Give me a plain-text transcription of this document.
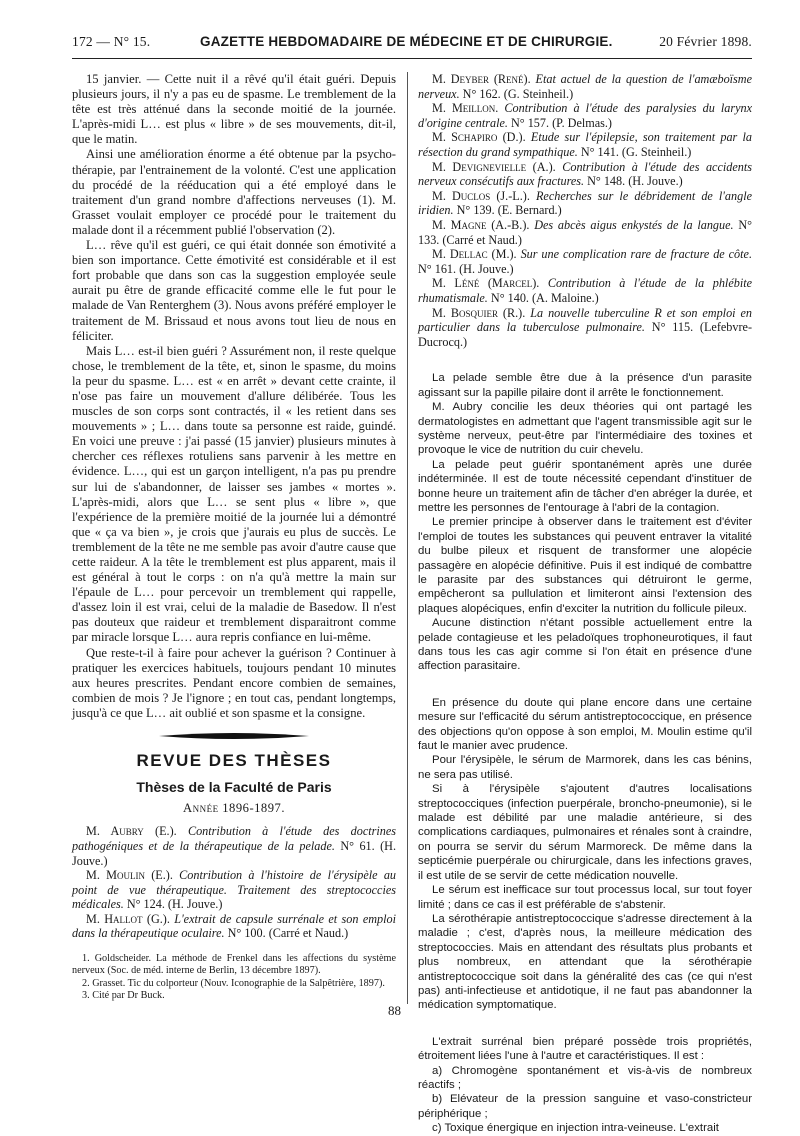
172 — N° 15.	GAZETTE HEBDOMADAIRE DE MÉDECINE ET DE CHIRURGIE.	20 Février 1898.

15 janvier. — Cette nuit il a rêvé qu'il était guéri. Depuis plusieurs jours, il n'y a pas eu de spasme. Le tremblement de la tête est très atténué dans la seconde moitié de la journée. L'après-midi L… est plus « libre » de ses mouvements, dit-il, que le matin.

Ainsi une amélioration énorme a été obtenue par la psycho-thérapie, par l'entrainement de la volonté. C'est une application du procédé de la rééducation qui a été employé dans le traitement d'un grand nombre d'affections nerveuses (1). M. Grasset voulait employer ce procédé pour le traitement du malade dont il a récemment publié l'observation (2).

L… rêve qu'il est guéri, ce qui était donnée son émotivité a bien son importance. Cette émotivité est considérable et il est fort probable que dans son cas la suggestion employée seule aurait pu être de grande efficacité comme elle le fut pour le malade de Van Renterghem (3). Nous avons préféré employer le traitement de M. Brissaud et nous avons tout lieu de nous en féliciter.

Mais L… est-il bien guéri ? Assurément non, il reste quelque chose, le tremblement de la tête, et, sinon le spasme, du moins la peur du spasme. L… est « en arrêt » devant cette crainte, il n'ose pas faire un mouvement d'allure délibérée. Tous les muscles de son corps sont contractés, il « les retient dans ses mouvements » ; L… dans toute sa personne est raide, guindé. En voici une preuve : j'ai passé (15 janvier) plusieurs minutes à chercher ces réflexes rotuliens sans parvenir à les mettre en évidence. L…, qui est un garçon intelligent, n'a pas pu prendre sur lui de s'abandonner, de laisser ses jambes « mortes ». L'après-midi, alors que L… se sent plus « libre », que l'expérience de la première moitié de la journée lui a démontré que « ça va bien », je crois que j'aurais eu plus de succès. Le tremblement de la tête ne me semble pas avoir d'autre cause que cette raideur. A la tête le tremblement est plus apparent, mais il est général à tout le corps : on n'a qu'à mettre la main sur l'épaule de L… pour percevoir un tremblement qui rappelle, d'assez loin il est vrai, celui de la maladie de Basedow. Il n'est pas douteux que raideur et tremblement disparaitront comme par miracle lorsque L… aura repris confiance en lui-même.

Que reste-t-il à faire pour achever la guérison ? Continuer à pratiquer les exercices habituels, toujours pendant 10 minutes aux heures prescrites. Pendant encore combien de semaines, combien de mois ? Je l'ignore ; en tout cas, pendant longtemps, jusqu'à ce que L… ait oublié et son spasme et la consigne.

REVUE DES THÈSES
Thèses de la Faculté de Paris
Année 1896-1897.

M. Aubry (E.). Contribution à l'étude des doctrines pathogéniques et de la thérapeutique de la pelade. N° 61. (H. Jouve.)

M. Moulin (E.). Contribution à l'histoire de l'érysipèle au point de vue thérapeutique. Traitement des streptococcies médicales. N° 124. (H. Jouve.)

M. Hallot (G.). L'extrait de capsule surrénale et son emploi dans la thérapeutique oculaire. N° 100. (Carré et Naud.)

1. Goldscheider. La méthode de Frenkel dans les affections du système nerveux (Soc. de méd. interne de Berlin, 13 décembre 1897).
2. Grasset. Tic du colporteur (Nouv. Iconographie de la Salpêtrière, 1897).
3. Cité par Dr Buck.

M. Deyber (René). Etat actuel de la question de l'amæboïsme nerveux. N° 162. (G. Steinheil.)

M. Meillon. Contribution à l'étude des paralysies du larynx d'origine centrale. N° 157. (P. Delmas.)

M. Schapiro (D.). Etude sur l'épilepsie, son traitement par la résection du grand sympathique. N° 141. (G. Steinheil.)

M. Devignevielle (A.). Contribution à l'étude des accidents nerveux consécutifs aux fractures. N° 148. (H. Jouve.)

M. Duclos (J.-L.). Recherches sur le débridement de l'angle iridien. N° 139. (E. Bernard.)

M. Magne (A.-B.). Des abcès aigus enkystés de la langue. N° 133. (Carré et Naud.)

M. Dellac (M.). Sur une complication rare de fracture de côte. N° 161. (H. Jouve.)

M. Léné (Marcel). Contribution à l'étude de la phlébite rhumatismale. N° 140. (A. Maloine.)

M. Bosquier (R.). La nouvelle tuberculine R et son emploi en particulier dans la tuberculose pulmonaire. N° 115. (Lefebvre-Ducrocq.)

La pelade semble être due à la présence d'un parasite agissant sur la papille pilaire dont il arrête le fonctionnement.

M. Aubry concilie les deux théories qui ont partagé les dermatologistes en admettant que l'agent transmissible agit sur le système nerveux, peut-être par l'intermédiaire des toxines et provoque le vice de nutrition du cuir chevelu.

La pelade peut guérir spontanément après une durée indéterminée. Il est de toute nécessité cependant d'instituer de bonne heure un traitement afin de tâcher d'en abréger la durée, et mettre les personnes de l'entourage à l'abri de la contagion.

Le premier principe à observer dans le traitement est d'éviter l'emploi de toutes les substances qui peuvent entraver la vitalité du bulbe pileux et risquent de transformer une alopécie passagère en alopécie définitive. Puis il est indiqué de combattre le parasite par des substances qui détruiront le germe, empêcheront sa pullulation et limiteront ainsi l'extension des plaques alopéciques, enfin d'exciter la nutrition du follicule pileux.

Aucune distinction n'étant possible actuellement entre la pelade contagieuse et les peladoïques trophoneurotiques, il faut dans tous les cas agir comme si l'on était en présence d'une affection parasitaire.

En présence du doute qui plane encore dans une certaine mesure sur l'efficacité du sérum antistreptococcique, en présence des objections qu'on oppose à son emploi, M. Moulin estime qu'il faut le manier avec prudence.

Pour l'érysipèle, le sérum de Marmorek, dans les cas bénins, ne sera pas utilisé.

Si à l'érysipèle s'ajoutent d'autres localisations streptococciques (infection puerpérale, broncho-pneumonie), si le malade est débilité par une maladie antérieure, si des complications cardiaques, pulmonaires et rénales sont à craindre, on pourra se servir du sérum Marmoreck. De même dans la septicémie puerpérale ou chirurgicale, dans les infections graves, il est utile de se servir de cette médication nouvelle.

Le sérum est inefficace sur tout processus local, sur tout foyer limité ; dans ce cas il est préférable de s'abstenir.

La sérothérapie antistreptococcique s'adresse directement à la maladie ; c'est, d'après nous, la meilleure médication des streptococcies. Mais en attendant des résultats plus probants et plus nombreux, en attendant que la sérothérapie antistreptococcique soit dans la généralité des cas (ce qui n'est pas) anti-infectieuse et antidotique, il ne faut pas abandonner la médication symptomatique.

L'extrait surrénal bien préparé possède trois propriétés, étroitement liées l'une à l'autre et caractéristiques. Il est :

a) Chromogène spontanément et vis-à-vis de nombreux réactifs ;

b) Elévateur de la pression sanguine et vaso-constricteur périphérique ;

c) Toxique énergique en injection intra-veineuse. L'extrait

88
